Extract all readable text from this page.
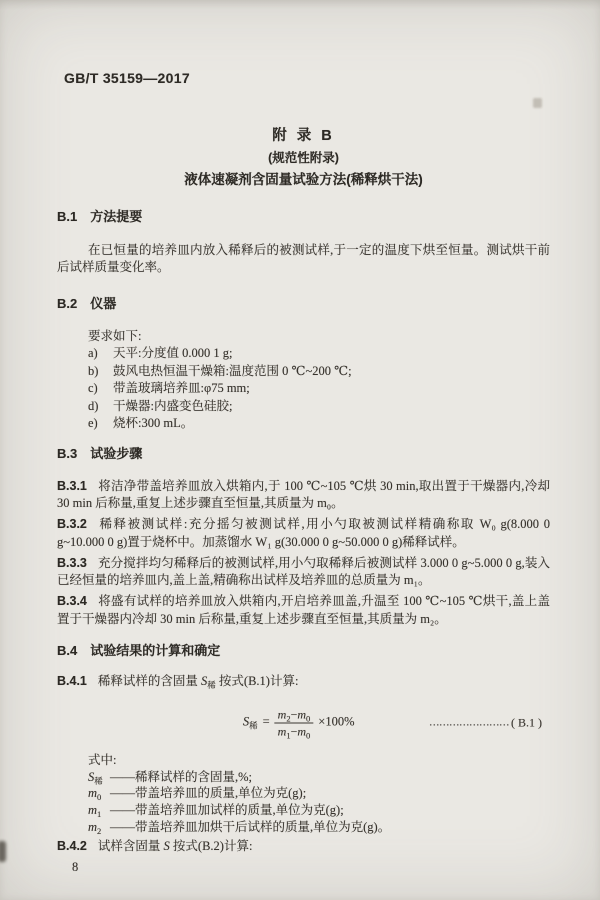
GB/T 35159—2017
附 录 B
(规范性附录)
液体速凝剂含固量试验方法(稀释烘干法)
B.1 方法提要
在已恒量的培养皿内放入稀释后的被测试样,于一定的温度下烘至恒量。测试烘干前后试样质量变化率。
B.2 仪器
要求如下:
a)	天平:分度值 0.000 1 g;
b)	鼓风电热恒温干燥箱:温度范围 0 ℃~200 ℃;
c)	带盖玻璃培养皿:φ75 mm;
d)	干燥器:内盛变色硅胶;
e)	烧杯:300 mL。
B.3 试验步骤
B.3.1 将洁净带盖培养皿放入烘箱内,于 100 ℃~105 ℃烘 30 min,取出置于干燥器内,冷却 30 min 后称量,重复上述步骤直至恒量,其质量为 m₀。
B.3.2 稀释被测试样:充分摇匀被测试样,用小勺取被测试样精确称取 W₀ g(8.000 0 g~10.000 0 g)置于烧杯中。加蒸馏水 W₁ g(30.000 0 g~50.000 0 g)稀释试样。
B.3.3 充分搅拌均匀稀释后的被测试样,用小勺取稀释后被测试样 3.000 0 g~5.000 0 g,装入已经恒量的培养皿内,盖上盖,精确称出试样及培养皿的总质量为 m₁。
B.3.4 将盛有试样的培养皿放入烘箱内,开启培养皿盖,升温至 100 ℃~105 ℃烘干,盖上盖置于干燥器内冷却 30 min 后称量,重复上述步骤直至恒量,其质量为 m₂。
B.4 试验结果的计算和确定
B.4.1 稀释试样的含固量 $S_稀$ 按式(B.1)计算:
$S_稀 = \frac{m_2-m_0}{m_1-m_0} \times 100\%$	…………………… ( B.1 )
式中:
$S_稀$ ——稀释试样的含固量,%;
$m_0$ ——带盖培养皿的质量,单位为克(g);
$m_1$ ——带盖培养皿加试样的质量,单位为克(g);
$m_2$ ——带盖培养皿加烘干后试样的质量,单位为克(g)。
B.4.2 试样含固量 S 按式(B.2)计算:
8
